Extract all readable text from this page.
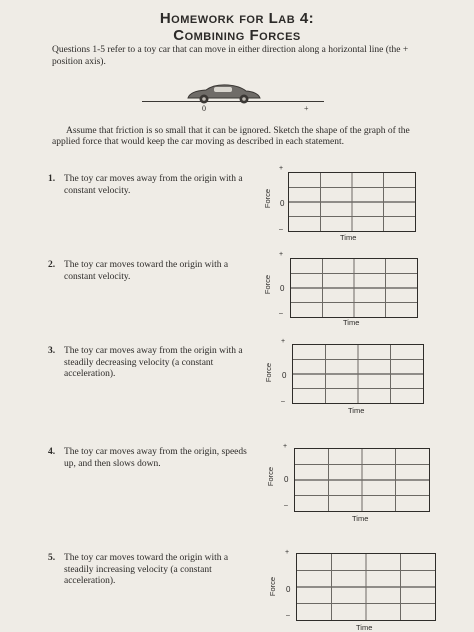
Homework for Lab 4:
Combining Forces
Questions 1-5 refer to a toy car that can move in either direction along a horizontal line (the + position axis).
0	+
Assume that friction is so small that it can be ignored. Sketch the shape of the graph of the applied force that would keep the car moving as described in each statement.
1. The toy car moves away from the origin with a constant velocity.
+
Force 0
–
Time
2. The toy car moves toward the origin with a constant velocity.
+
Force 0
–
Time
3. The toy car moves away from the origin with a steadily decreasing velocity (a constant acceleration).
+
Force 0
–
Time
4. The toy car moves away from the origin, speeds up, and then slows down.
+
Force 0
–
Time
5. The toy car moves toward the origin with a steadily increasing velocity (a constant acceleration).
+
Force 0
–
Time
